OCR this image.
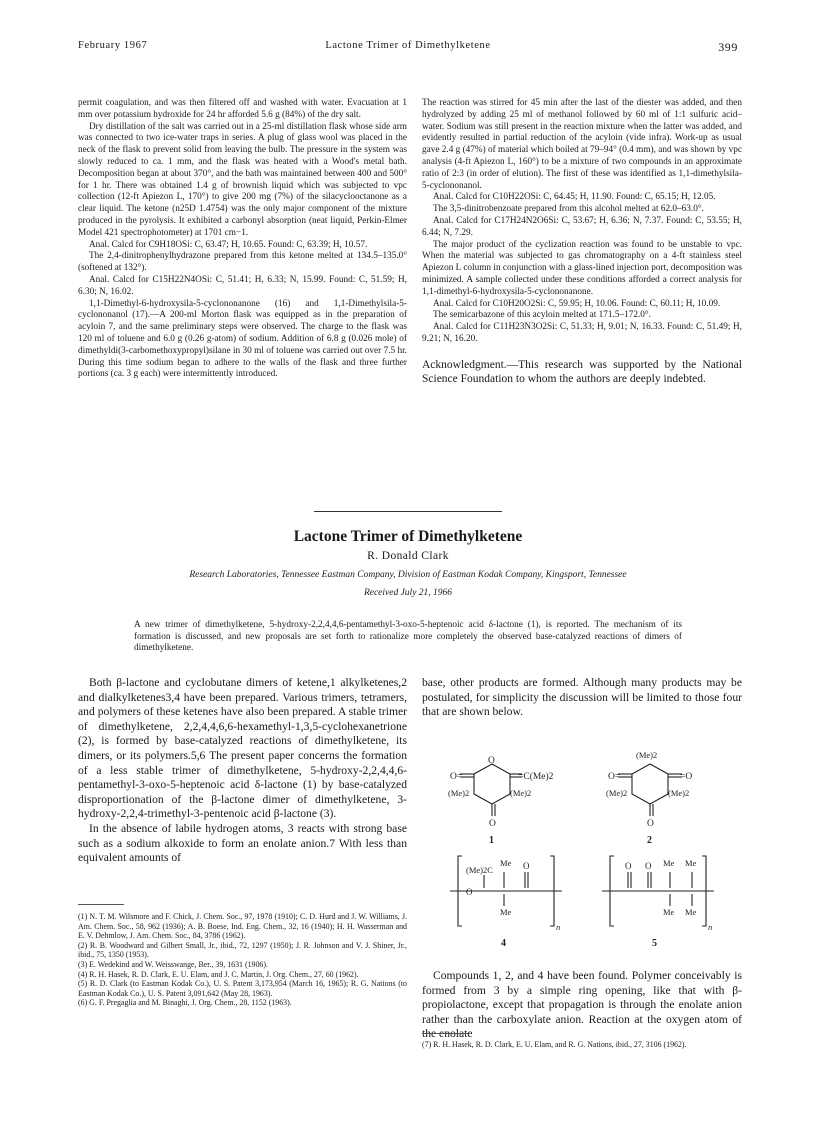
February 1967	Lactone Trimer of Dimethylketene	399

permit coagulation, and was then filtered off and washed with water. Evacuation at 1 mm over potassium hydroxide for 24 hr afforded 5.6 g (84%) of the dry salt.

Dry distillation of the salt was carried out in a 25-ml distillation flask whose side arm was connected to two ice-water traps in series. A plug of glass wool was placed in the neck of the flask to prevent solid from leaving the bulb. The pressure in the system was slowly reduced to ca. 1 mm, and the flask was heated with a Wood's metal bath. Decomposition began at about 370°, and the bath was maintained between 400 and 500° for 1 hr. There was obtained 1.4 g of brownish liquid which was subjected to vpc collection (12-ft Apiezon L, 170°) to give 200 mg (7%) of the silacyclooctanone as a clear liquid. The ketone (n25D 1.4754) was the only major component of the mixture produced in the pyrolysis. It exhibited a carbonyl absorption (neat liquid, Perkin-Elmer Model 421 spectrophotometer) at 1701 cm−1.

Anal. Calcd for C9H18OSi: C, 63.47; H, 10.65. Found: C, 63.39; H, 10.57.

The 2,4-dinitrophenylhydrazone prepared from this ketone melted at 134.5–135.0° (softened at 132°).

Anal. Calcd for C15H22N4OSi: C, 51.41; H, 6.33; N, 15.99. Found: C, 51.59; H, 6.30; N, 16.02.

1,1-Dimethyl-6-hydroxysila-5-cyclononanone (16) and 1,1-Dimethylsila-5-cyclononanol (17).—A 200-ml Morton flask was equipped as in the preparation of acyloin 7, and the same preliminary steps were observed. The charge to the flask was 120 ml of toluene and 6.0 g (0.26 g-atom) of sodium. Addition of 6.8 g (0.026 mole) of dimethyldi(3-carbomethoxypropyl)silane in 30 ml of toluene was carried out over 7.5 hr. During this time sodium began to adhere to the walls of the flask and three further portions (ca. 3 g each) were intermittently introduced.

The reaction was stirred for 45 min after the last of the diester was added, and then hydrolyzed by adding 25 ml of methanol followed by 60 ml of 1:1 sulfuric acid–water. Sodium was still present in the reaction mixture when the latter was added, and evidently resulted in partial reduction of the acyloin (vide infra). Work-up as usual gave 2.4 g (47%) of material which boiled at 79–94° (0.4 mm), and was shown by vpc analysis (4-ft Apiezon L, 160°) to be a mixture of two compounds in an approximate ratio of 2:3 (in order of elution). The first of these was identified as 1,1-dimethylsila-5-cyclononanol.

Anal. Calcd for C10H22OSi: C, 64.45; H, 11.90. Found: C, 65.15; H, 12.05.

The 3,5-dinitrobenzoate prepared from this alcohol melted at 62.0–63.0°.

Anal. Calcd for C17H24N2O6Si: C, 53.67; H, 6.36; N, 7.37. Found: C, 53.55; H, 6.44; N, 7.29.

The major product of the cyclization reaction was found to be unstable to vpc. When the material was subjected to gas chromatography on a 4-ft stainless steel Apiezon L column in conjunction with a glass-lined injection port, decomposition was minimized. A sample collected under these conditions afforded a correct analysis for 1,1-dimethyl-6-hydroxysila-5-cyclononanone.

Anal. Calcd for C10H20O2Si: C, 59.95; H, 10.06. Found: C, 60.11; H, 10.09.

The semicarbazone of this acyloin melted at 171.5–172.0°.

Anal. Calcd for C11H23N3O2Si: C, 51.33; H, 9.01; N, 16.33. Found: C, 51.49; H, 9.21; N, 16.20.

Acknowledgment.—This research was supported by the National Science Foundation to whom the authors are deeply indebted.

Lactone Trimer of Dimethylketene
R. Donald Clark
Research Laboratories, Tennessee Eastman Company, Division of Eastman Kodak Company, Kingsport, Tennessee
Received July 21, 1966
A new trimer of dimethylketene, 5-hydroxy-2,2,4,4,6-pentamethyl-3-oxo-5-heptenoic acid δ-lactone (1), is reported. The mechanism of its formation is discussed, and new proposals are set forth to rationalize more completely the observed base-catalyzed reactions of dimers of dimethylketene.

Both β-lactone and cyclobutane dimers of ketene,1 alkylketenes,2 and dialkylketenes3,4 have been prepared. Various trimers, tetramers, and polymers of these ketenes have also been prepared. A stable trimer of dimethylketene, 2,2,4,4,6,6-hexamethyl-1,3,5-cyclohexanetrione (2), is formed by base-catalyzed reactions of dimethylketene, its dimers, or its polymers.5,6 The present paper concerns the formation of a less stable trimer of dimethylketene, 5-hydroxy-2,2,4,4,6-pentamethyl-3-oxo-5-heptenoic acid δ-lactone (1) by base-catalyzed disproportionation of the β-lactone dimer of dimethylketene, 3-hydroxy-2,2,4-trimethyl-3-pentenoic acid β-lactone (3).

In the absence of labile hydrogen atoms, 3 reacts with strong base such as a sodium alkoxide to form an enolate anion.7 With less than equivalent amounts of

base, other products are formed. Although many products may be postulated, for simplicity the discussion will be limited to those four that are shown below.

Compounds 1, 2, and 4 have been found. Polymer conceivably is formed from 3 by a simple ring opening, like that with β-propiolactone, except that propagation is through the enolate anion rather than the carboxylate anion. Reaction at the oxygen atom of the enolate

(1) N. T. M. Wilsmore and F. Chick, J. Chem. Soc., 97, 1978 (1910); C. D. Hurd and J. W. Williams, J. Am. Chem. Soc., 58, 962 (1936); A. B. Boese, Ind. Eng. Chem., 32, 16 (1940); H. H. Wasserman and E. V. Dehmlow, J. Am. Chem. Soc., 84, 3786 (1962).

(2) R. B. Woodward and Gilbert Small, Jr., ibid., 72, 1297 (1950); J. R. Johnson and V. J. Shiner, Jr., ibid., 75, 1350 (1953).

(3) E. Wedekind and W. Weisswange, Ber., 39, 1631 (1906).

(4) R. H. Hasek, R. D. Clark, E. U. Elam, and J. C. Martin, J. Org. Chem., 27, 60 (1962).

(5) R. D. Clark (to Eastman Kodak Co.), U. S. Patent 3,173,954 (March 16, 1965); R. G. Nations (to Eastman Kodak Co.), U. S. Patent 3,091,642 (May 28, 1963).

(6) G. F. Pregaglia and M. Binaghi, J. Org. Chem., 28, 1152 (1963).

(7) R. H. Hasek, R. D. Clark, E. U. Elam, and R. G. Nations, ibid., 27, 3106 (1962).
O
O=	=C(Me)2
(Me)2	(Me)2
O
1
(Me)2
O=	=O
(Me)2	(Me)2
O
2
Me
(Me)2C	O
O
Me
n
4
O O Me Me
Me Me
n
5
